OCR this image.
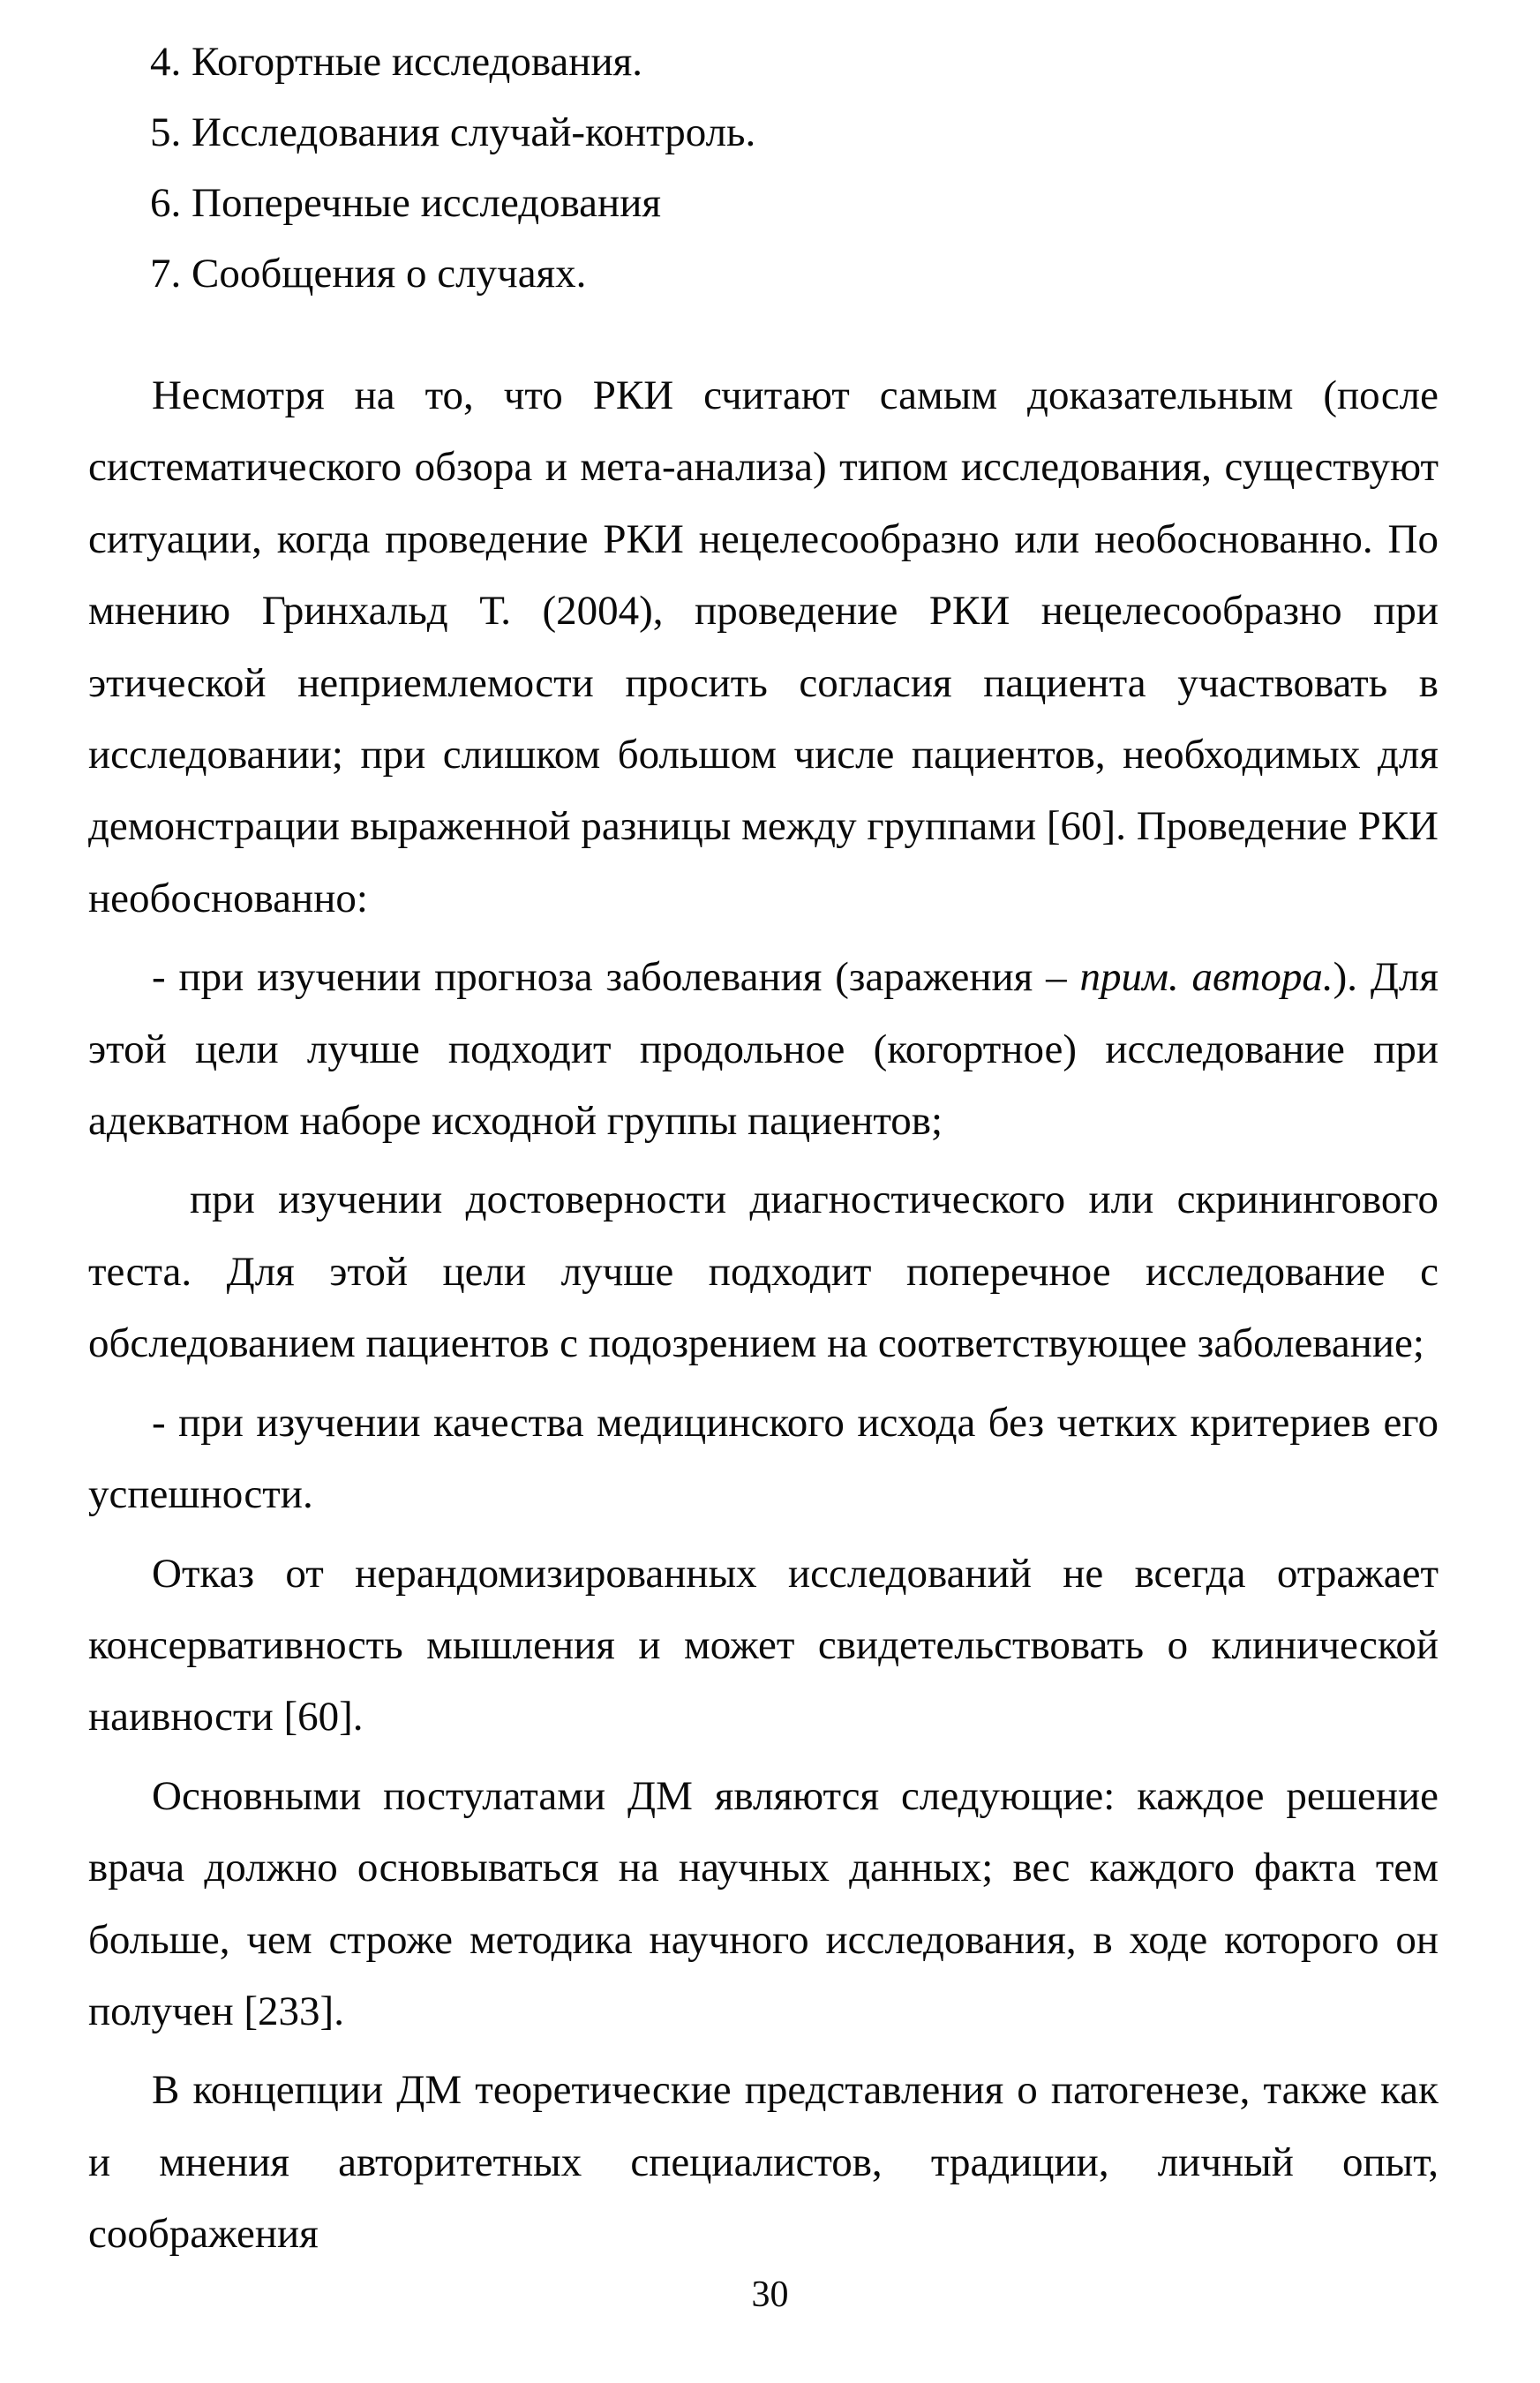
4. Когортные исследования.
5. Исследования случай-контроль.
6. Поперечные исследования
7. Сообщения о случаях.

Несмотря на то, что РКИ считают самым доказательным (после систематического обзора и мета-анализа) типом исследования, существуют ситуации, когда проведение РКИ нецелесообразно или необоснованно. По мнению Гринхальд Т. (2004), проведение РКИ нецелесообразно при этической неприемлемости просить согласия пациента участвовать в исследовании; при слишком большом числе пациентов, необходимых для демонстрации выраженной разницы между группами [60]. Проведение РКИ необоснованно:

- при изучении прогноза заболевания (заражения – прим. автора.). Для этой цели лучше подходит продольное (когортное) исследование при адекватном наборе исходной группы пациентов;

при изучении достоверности диагностического или скринингового теста. Для этой цели лучше подходит поперечное исследование с обследованием пациентов с подозрением на соответствующее заболевание;

- при изучении качества медицинского исхода без четких критериев его успешности.

Отказ от нерандомизированных исследований не всегда отражает консервативность мышления и может свидетельствовать о клинической наивности [60].

Основными постулатами ДМ являются следующие: каждое решение врача должно основываться на научных данных; вес каждого факта тем больше, чем строже методика научного исследования, в ходе которого он получен [233].

В концепции ДМ теоретические представления о патогенезе, также как и мнения авторитетных специалистов, традиции, личный опыт, соображения

30
